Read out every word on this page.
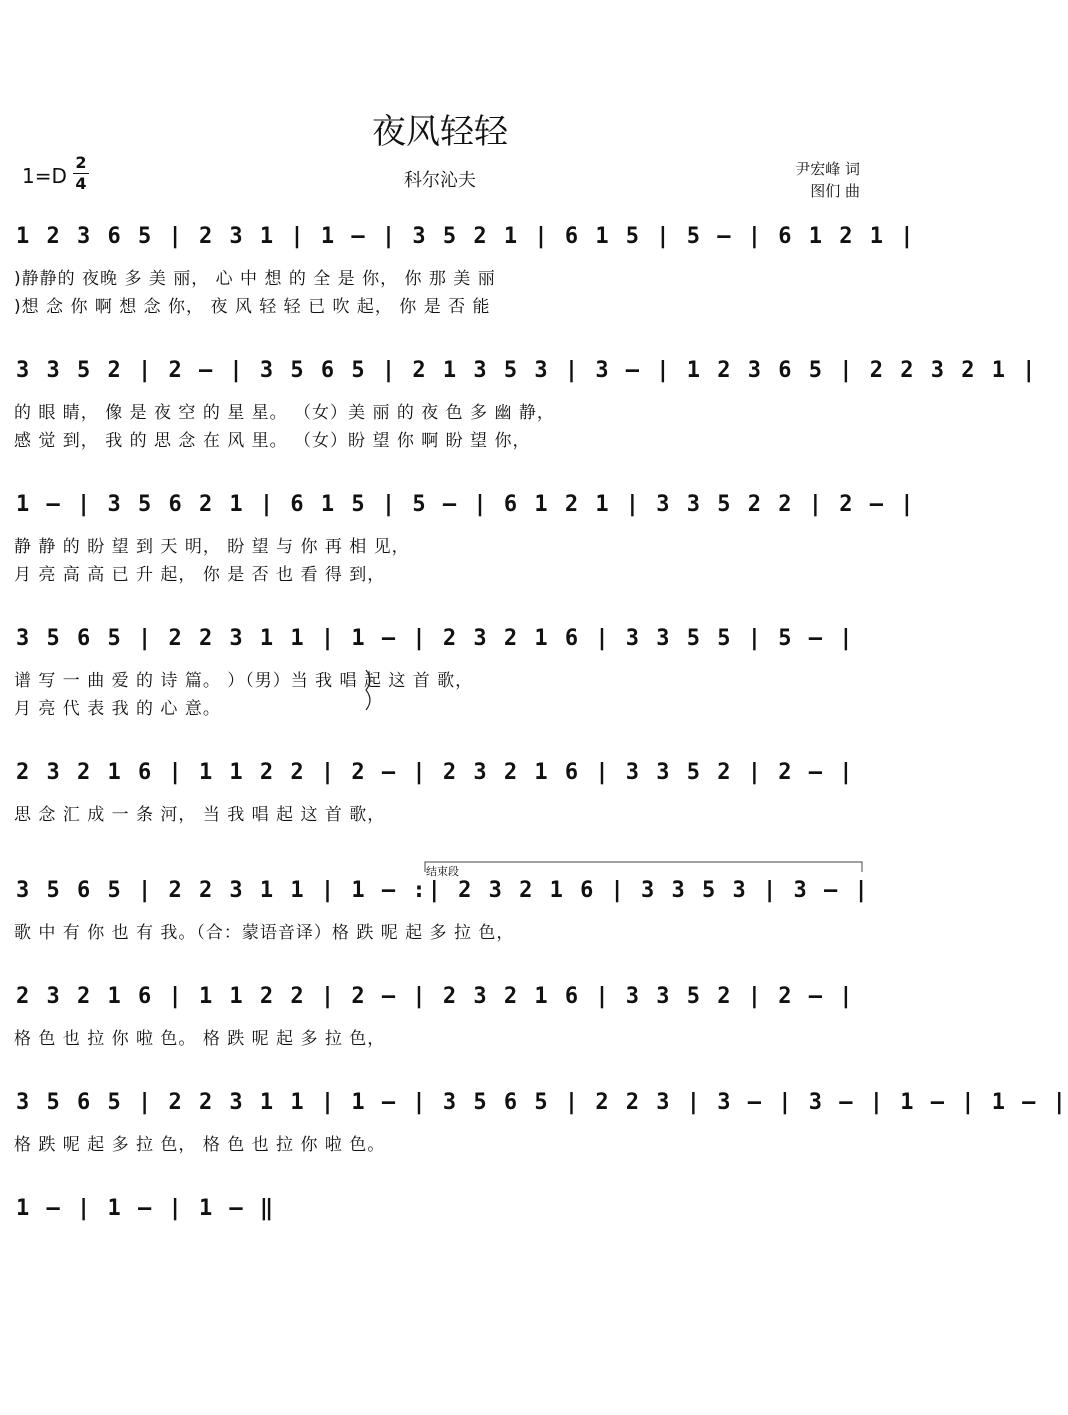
夜风轻轻
1=D
2
4	科尔沁夫
尹宏峰 词
图们 曲
结束段
1 2 3 6 5 | 2 3 1 | 1 – | 3 5 2 1 | 6 1 5 | 5 – | 6 1 2 1 |
)静静的 夜晚 多 美 丽， 心 中 想 的 全 是 你， 你 那 美 丽
)想 念 你 啊 想 念 你， 夜 风 轻 轻 已 吹 起， 你 是 否 能
3 3 5 2 | 2 – | 3 5 6 5 | 2 1 3 5 3 | 3 – | 1 2 3 6 5 | 2 2 3 2 1 |
的 眼 睛， 像 是 夜 空 的 星 星。 （女）美 丽 的 夜 色 多 幽 静，
感 觉 到， 我 的 思 念 在 风 里。 （女）盼 望 你 啊 盼 望 你，
1 – | 3 5 6 2 1 | 6 1 5 | 5 – | 6 1 2 1 | 3 3 5 2 2 | 2 – |
静 静 的 盼 望 到 天 明， 盼 望 与 你 再 相 见，
月 亮 高 高 已 升 起， 你 是 否 也 看 得 到，
3 5 6 5 | 2 2 3 1 1 | 1 – | 2 3 2 1 6 | 3 3 5 5 | 5 – |
谱 写 一 曲 爱 的 诗 篇。 ）（男）当 我 唱 起 这 首 歌，
月 亮 代 表 我 的 心 意。
2 3 2 1 6 | 1 1 2 2 | 2 – | 2 3 2 1 6 | 3 3 5 2 | 2 – |
思 念 汇 成 一 条 河， 当 我 唱 起 这 首 歌，
3 5 6 5 | 2 2 3 1 1 | 1 – :| 2 3 2 1 6 | 3 3 5 3 | 3 – |
歌 中 有 你 也 有 我。（合：蒙语音译）格 跌 呢 起 多 拉 色，
2 3 2 1 6 | 1 1 2 2 | 2 – | 2 3 2 1 6 | 3 3 5 2 | 2 – |
格 色 也 拉 你 啦 色。 格 跌 呢 起 多 拉 色，
3 5 6 5 | 2 2 3 1 1 | 1 – | 3 5 6 5 | 2 2 3 | 3 – | 3 – | 1 – | 1 – |
格 跌 呢 起 多 拉 色， 格 色 也 拉 你 啦 色。
1 – | 1 – | 1 – ‖
